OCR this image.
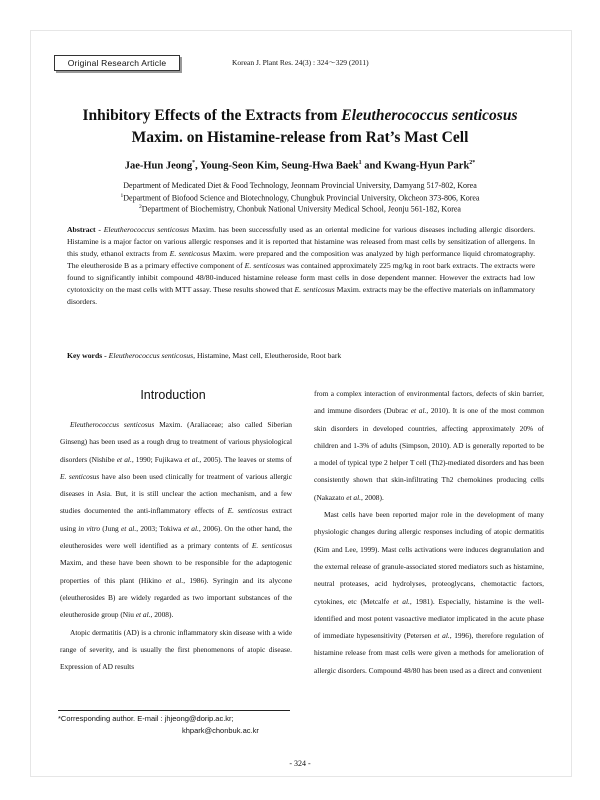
Original Research Article	Korean J. Plant Res. 24(3) : 324～329 (2011)
Inhibitory Effects of the Extracts from Eleutherococcus senticosus
Maxim. on Histamine-release from Rat’s Mast Cell
Jae-Hun Jeong*, Young-Seon Kim, Seung-Hwa Baek$^1$ and Kwang-Hyun Park$^{2*}$
Department of Medicated Diet & Food Technology, Jeonnam Provincial University, Damyang 517-802, Korea
$^1$Department of Biofood Science and Biotechnology, Chungbuk Provincial University, Okcheon 373-806, Korea
$^2$Department of Biochemistry, Chonbuk National University Medical School, Jeonju 561-182, Korea

Abstract - Eleutherococcus senticosus Maxim. has been successfully used as an oriental medicine for various diseases including allergic disorders. Histamine is a major factor on various allergic responses and it is reported that histamine was released from mast cells by sensitization of allergens. In this study, ethanol extracts from E. senticosus Maxim. were prepared and the composition was analyzed by high performance liquid chromatography. The eleutheroside B as a primary effective component of E. senticosus was contained approximately 225 mg/kg in root bark extracts. The extracts were found to significantly inhibit compound 48/80-induced histamine release form mast cells in dose dependent manner. However the extracts had low cytotoxicity on the mast cells with MTT assay. These results showed that E. senticosus Maxim. extracts may be the effective materials on inflammatory disorders.

Key words - Eleutherococcus senticosus, Histamine, Mast cell, Eleutheroside, Root bark
Introduction

Eleutherococcus senticosus Maxim. (Araliaceae; also called Siberian Ginseng) has been used as a rough drug to treatment of various physiological disorders (Nishibe et al., 1990; Fujikawa et al., 2005). The leaves or stems of E. senticosus have also been used clinically for treatment of various allergic diseases in Asia. But, it is still unclear the action mechanism, and a few studies documented the anti-inflammatory effects of E. senticosus extract using in vitro (Jung et al., 2003; Tokiwa et al., 2006). On the other hand, the eleutherosides were well identified as a primary contents of E. senticosus Maxim, and these have been shown to be responsible for the adaptogenic properties of this plant (Hikino et al., 1986). Syringin and its alycone (eleutherosides B) are widely regarded as two important substances of the eleutheroside group (Niu et al., 2008).

Atopic dermatitis (AD) is a chronic inflammatory skin disease with a wide range of severity, and is usually the first phenomenons of atopic disease. Expression of AD results

from a complex interaction of environmental factors, defects of skin barrier, and immune disorders (Dubrac et al., 2010). It is one of the most common skin disorders in developed countries, affecting approximately 20% of children and 1-3% of adults (Simpson, 2010). AD is generally reported to be a model of typical type 2 helper T cell (Th2)-mediated disorders and has been consistently shown that skin-infiltrating Th2 chemokines producing cells (Nakazato et al., 2008).

Mast cells have been reported major role in the development of many physiologic changes during allergic responses including of atopic dermatitis (Kim and Lee, 1999). Mast cells activations were induces degranulation and the external release of granule-associated stored mediators such as histamine, neutral proteases, acid hydrolyses, proteoglycans, chemotactic factors, cytokines, etc (Metcalfe et al., 1981). Especially, histamine is the well-identified and most potent vasoactive mediator implicated in the acute phase of immediate hypesensitivity (Petersen et al., 1996), therefore regulation of histamine release from mast cells were given a methods for amelioration of allergic disorders. Compound 48/80 has been used as a direct and convenient

*Corresponding author. E-mail : jhjeong@dorip.ac.kr;
khpark@chonbuk.ac.kr
- 324 -
